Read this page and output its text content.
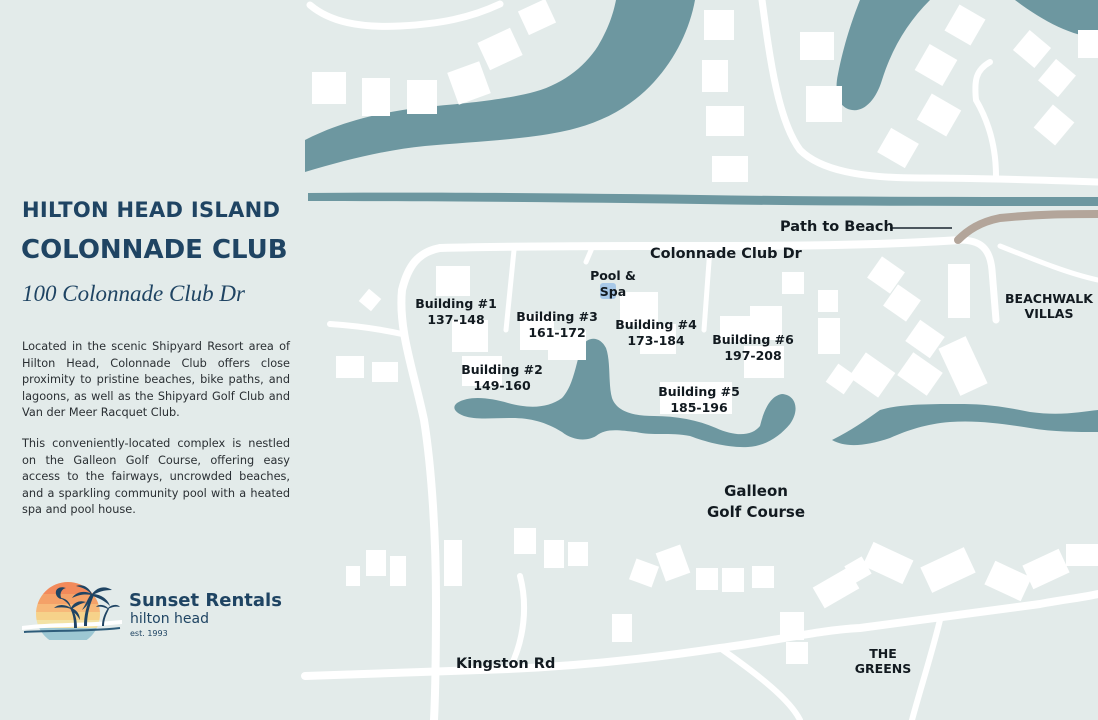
HILTON HEAD ISLAND
COLONNADE CLUB
100 Colonnade Club Dr

Located in the scenic Shipyard Resort area of Hilton Head, Colonnade Club offers close proximity to pristine beaches, bike paths, and lagoons, as well as the Shipyard Golf Club and Van der Meer Racquet Club.

This conveniently-located complex is nestled on the Galleon Golf Course, offering easy access to the fairways, uncrowded beaches, and a sparkling community pool with a heated spa and pool house.

Path to Beach
Colonnade Club Dr
Pool &
Spa
Building #1
137-148	Building #3
161-172	Building #4
173-184	Building #6
197-208
Building #2
149-160	Building #5
185-196
BEACHWALK
VILLAS
Galleon
Golf Course
Kingston Rd
THE
GREENS
Sunset Rentals
hilton head
est. 1993
